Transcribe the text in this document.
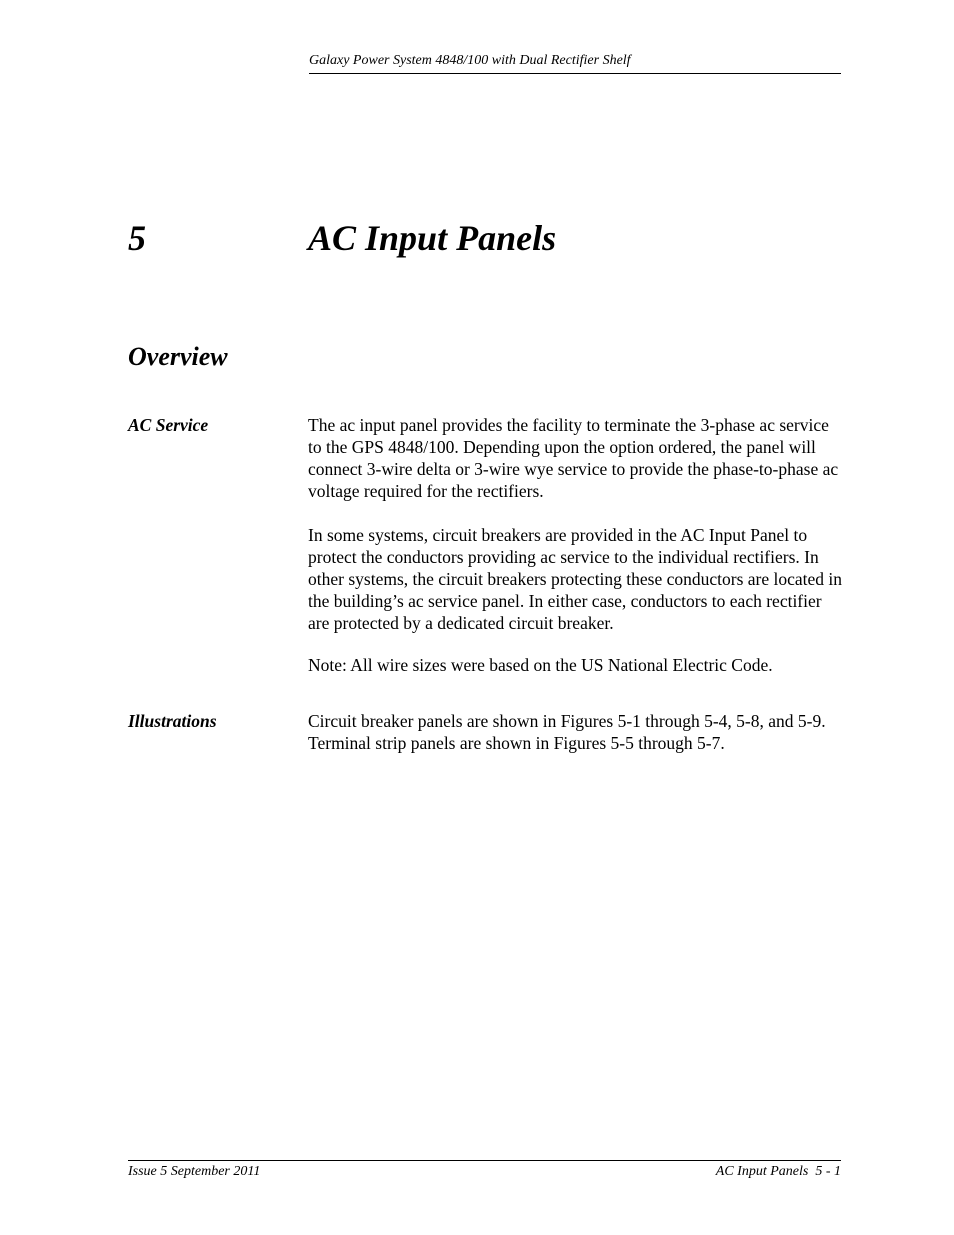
Galaxy Power System 4848/100 with Dual Rectifier Shelf
5	AC Input Panels
Overview
AC Service	The ac input panel provides the facility to terminate the 3-phase ac service to the GPS 4848/100. Depending upon the option ordered, the panel will connect 3-wire delta or 3-wire wye service to provide the phase-to-phase ac voltage required for the rectifiers.

In some systems, circuit breakers are provided in the AC Input Panel to protect the conductors providing ac service to the individual rectifiers. In other systems, the circuit breakers protecting these conductors are located in the building’s ac service panel. In either case, conductors to each rectifier are protected by a dedicated circuit breaker.

Note: All wire sizes were based on the US National Electric Code.

Illustrations	Circuit breaker panels are shown in Figures 5-1 through 5-4, 5-8, and 5-9. Terminal strip panels are shown in Figures 5-5 through 5-7.

Issue 5 September 2011	AC Input Panels  5 - 1
